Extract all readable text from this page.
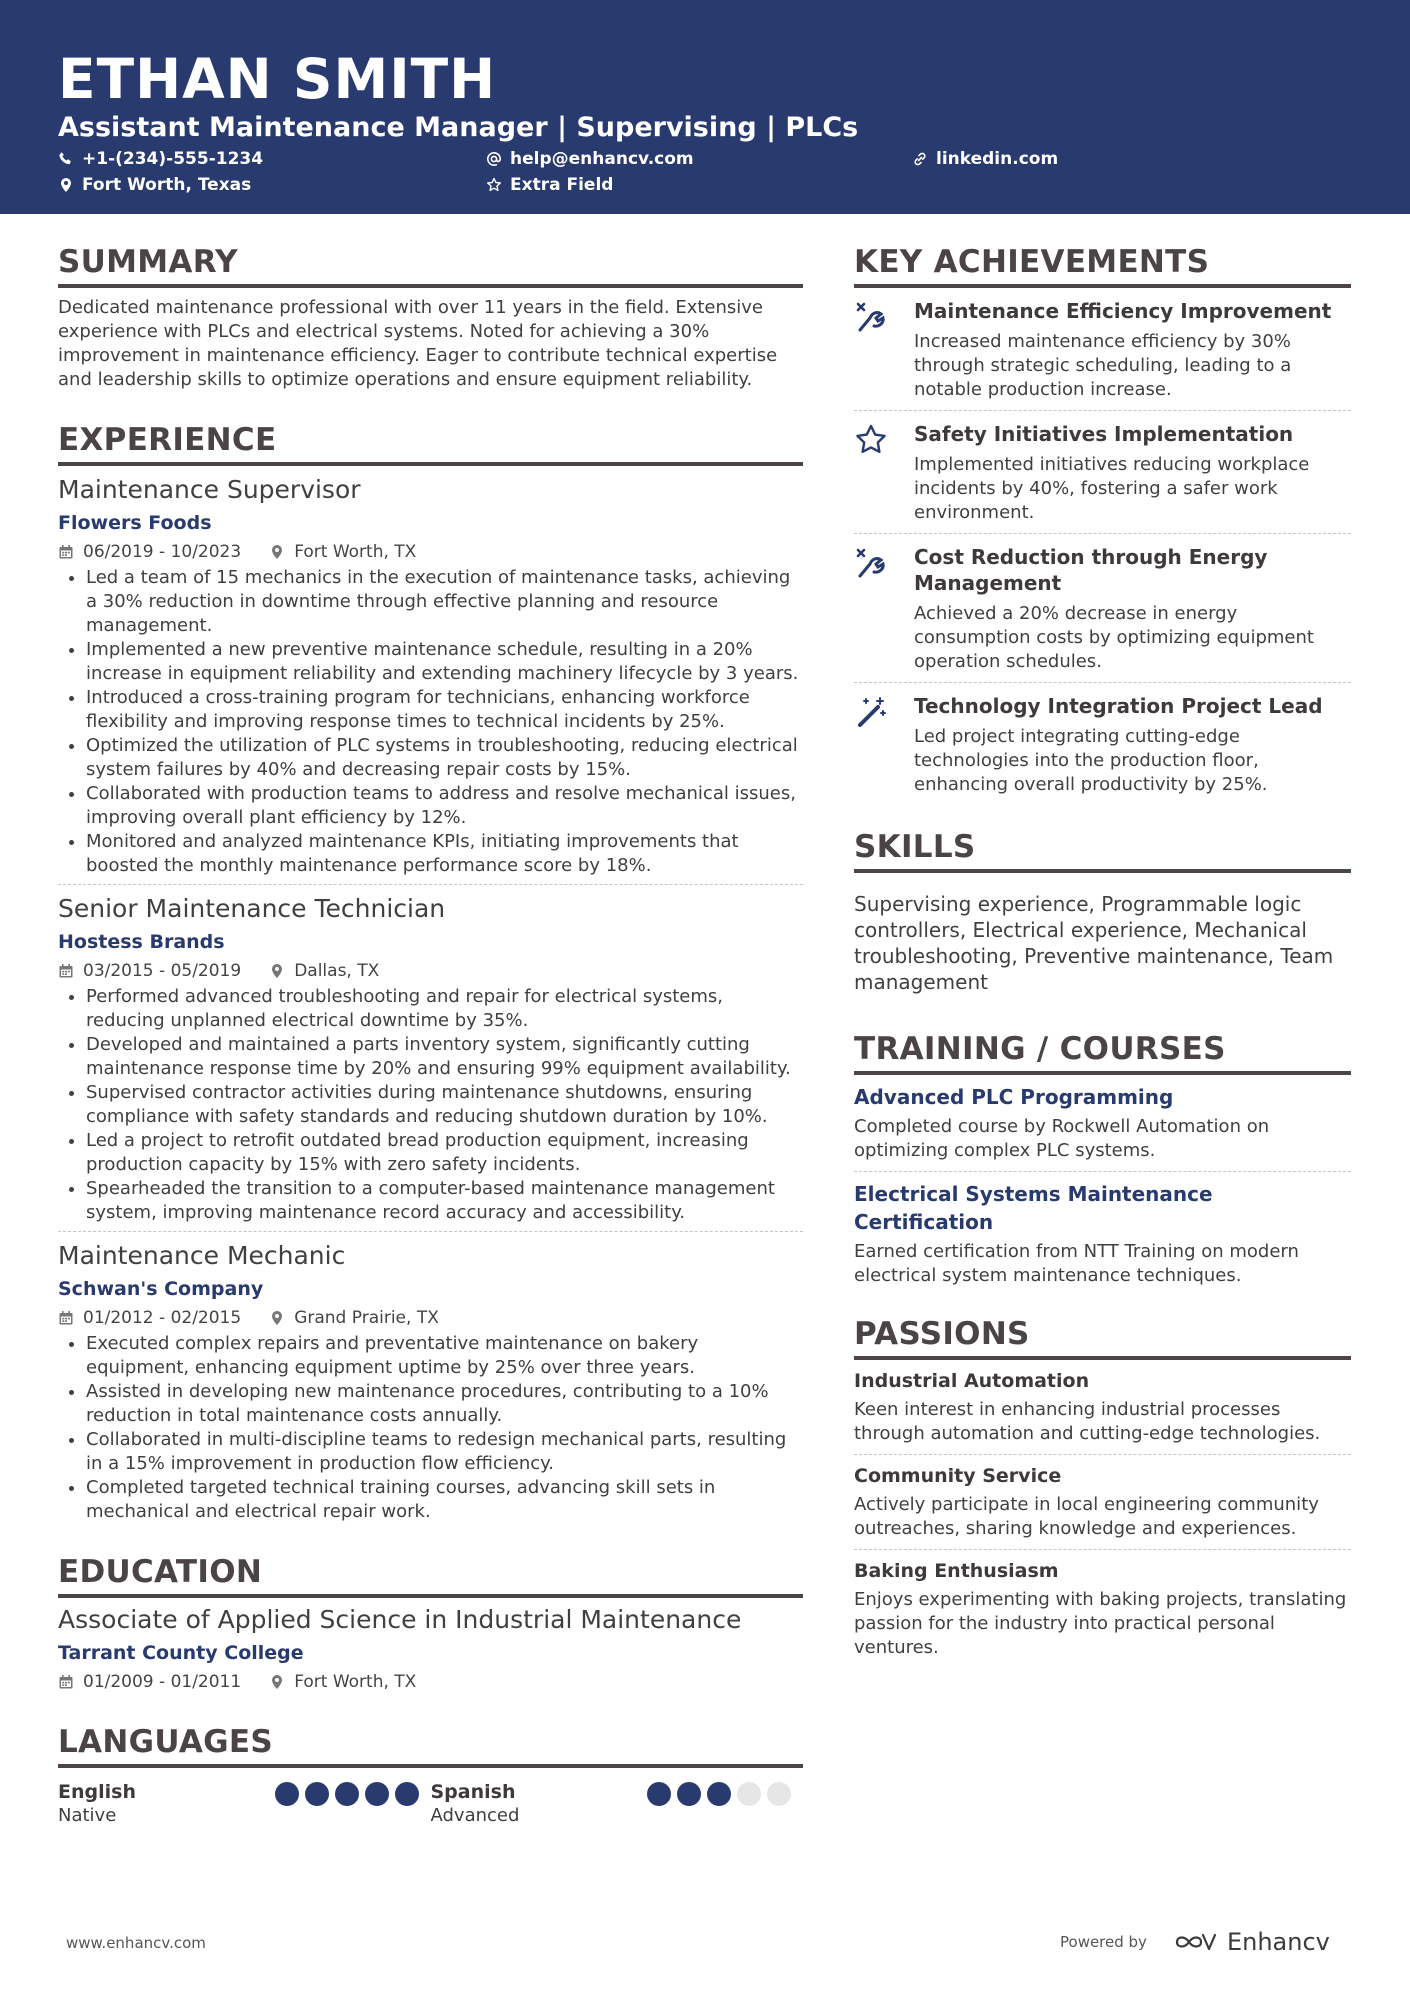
ETHAN SMITH
Assistant Maintenance Manager | Supervising | PLCs
+1-(234)-555-1234	help@enhancv.com	linkedin.com
Fort Worth, Texas	Extra Field
SUMMARY

Dedicated maintenance professional with over 11 years in the field. Extensive experience with PLCs and electrical systems. Noted for achieving a 30% improvement in maintenance efficiency. Eager to contribute technical expertise and leadership skills to optimize operations and ensure equipment reliability.

EXPERIENCE
Maintenance Supervisor
Flowers Foods
06/2019 - 10/2023	Fort Worth, TX
• Led a team of 15 mechanics in the execution of maintenance tasks, achieving a 30% reduction in downtime through effective planning and resource management.
• Implemented a new preventive maintenance schedule, resulting in a 20% increase in equipment reliability and extending machinery lifecycle by 3 years.
• Introduced a cross-training program for technicians, enhancing workforce flexibility and improving response times to technical incidents by 25%.
• Optimized the utilization of PLC systems in troubleshooting, reducing electrical system failures by 40% and decreasing repair costs by 15%.
• Collaborated with production teams to address and resolve mechanical issues, improving overall plant efficiency by 12%.
• Monitored and analyzed maintenance KPIs, initiating improvements that boosted the monthly maintenance performance score by 18%.
Senior Maintenance Technician
Hostess Brands
03/2015 - 05/2019	Dallas, TX
• Performed advanced troubleshooting and repair for electrical systems, reducing unplanned electrical downtime by 35%.
• Developed and maintained a parts inventory system, significantly cutting maintenance response time by 20% and ensuring 99% equipment availability.
• Supervised contractor activities during maintenance shutdowns, ensuring compliance with safety standards and reducing shutdown duration by 10%.
• Led a project to retrofit outdated bread production equipment, increasing production capacity by 15% with zero safety incidents.
• Spearheaded the transition to a computer-based maintenance management system, improving maintenance record accuracy and accessibility.
Maintenance Mechanic
Schwan's Company
01/2012 - 02/2015	Grand Prairie, TX
• Executed complex repairs and preventative maintenance on bakery equipment, enhancing equipment uptime by 25% over three years.
• Assisted in developing new maintenance procedures, contributing to a 10% reduction in total maintenance costs annually.
• Collaborated in multi-discipline teams to redesign mechanical parts, resulting in a 15% improvement in production flow efficiency.
• Completed targeted technical training courses, advancing skill sets in mechanical and electrical repair work.
EDUCATION
Associate of Applied Science in Industrial Maintenance
Tarrant County College
01/2009 - 01/2011	Fort Worth, TX
LANGUAGES
English
Native
Spanish
Advanced
KEY ACHIEVEMENTS
Maintenance Efficiency Improvement
Increased maintenance efficiency by 30% through strategic scheduling, leading to a notable production increase.
Safety Initiatives Implementation
Implemented initiatives reducing workplace incidents by 40%, fostering a safer work environment.
Cost Reduction through Energy Management
Achieved a 20% decrease in energy consumption costs by optimizing equipment operation schedules.
Technology Integration Project Lead
Led project integrating cutting-edge technologies into the production floor, enhancing overall productivity by 25%.
SKILLS

Supervising experience, Programmable logic controllers, Electrical experience, Mechanical troubleshooting, Preventive maintenance, Team management

TRAINING / COURSES
Advanced PLC Programming
Completed course by Rockwell Automation on optimizing complex PLC systems.
Electrical Systems Maintenance Certification
Earned certification from NTT Training on modern electrical system maintenance techniques.
PASSIONS
Industrial Automation
Keen interest in enhancing industrial processes through automation and cutting-edge technologies.
Community Service
Actively participate in local engineering community outreaches, sharing knowledge and experiences.
Baking Enthusiasm
Enjoys experimenting with baking projects, translating passion for the industry into practical personal ventures.
www.enhancv.com	Powered by	Enhancv
